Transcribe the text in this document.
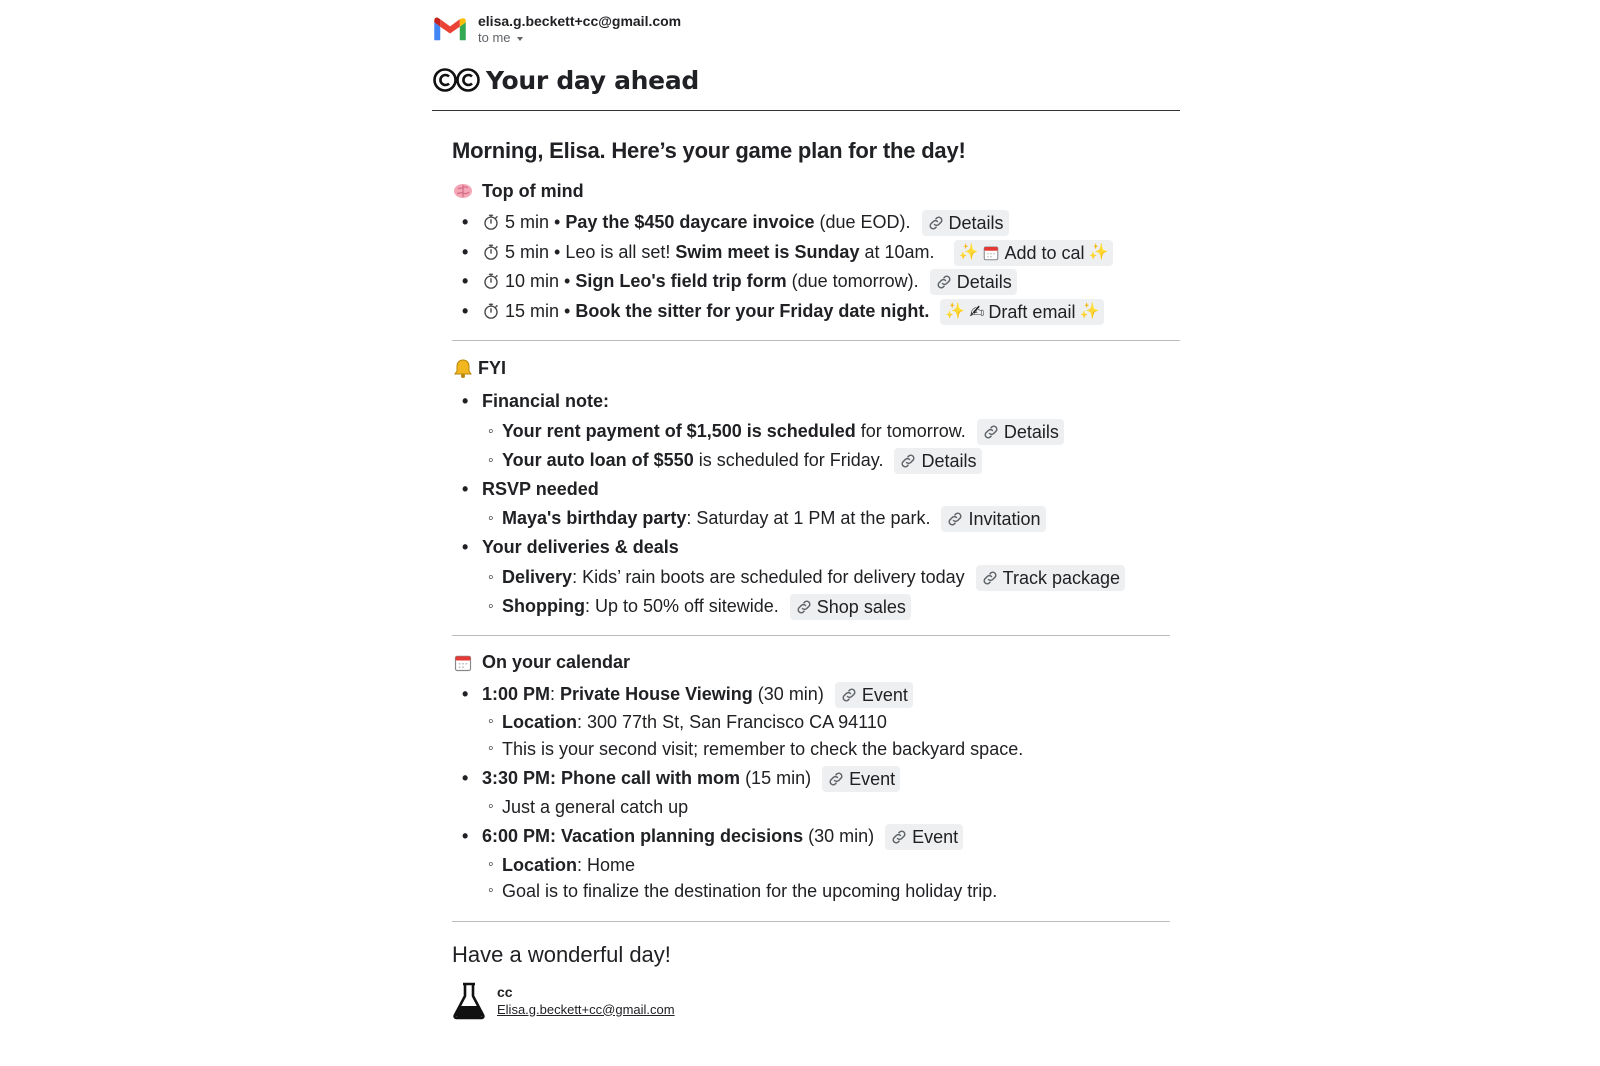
elisa.g.beckett+cc@gmail.com
to me
Your day ahead
Morning, Elisa. Here’s your game plan for the day!
Top of mind
• 5 min • Pay the $450 daycare invoice (due EOD). Details
• 5 min • Leo is all set! Swim meet is Sunday at 10am. ✨ Add to cal ✨
• 10 min • Sign Leo's field trip form (due tomorrow). Details
• 15 min • Book the sitter for your Friday date night. ✨ ✍ Draft email ✨
FYI
• Financial note:
◦ Your rent payment of $1,500 is scheduled for tomorrow. Details
◦ Your auto loan of $550 is scheduled for Friday. Details
• RSVP needed
◦ Maya's birthday party: Saturday at 1 PM at the park. Invitation
• Your deliveries & deals
◦ Delivery: Kids’ rain boots are scheduled for delivery today Track package
◦ Shopping: Up to 50% off sitewide. Shop sales
On your calendar
• 1:00 PM: Private House Viewing (30 min) Event
◦ Location: 300 77th St, San Francisco CA 94110
◦ This is your second visit; remember to check the backyard space.
• 3:30 PM: Phone call with mom (15 min) Event
◦ Just a general catch up
• 6:00 PM: Vacation planning decisions (30 min) Event
◦ Location: Home
◦ Goal is to finalize the destination for the upcoming holiday trip.
Have a wonderful day!
cc
Elisa.g.beckett+cc@gmail.com
